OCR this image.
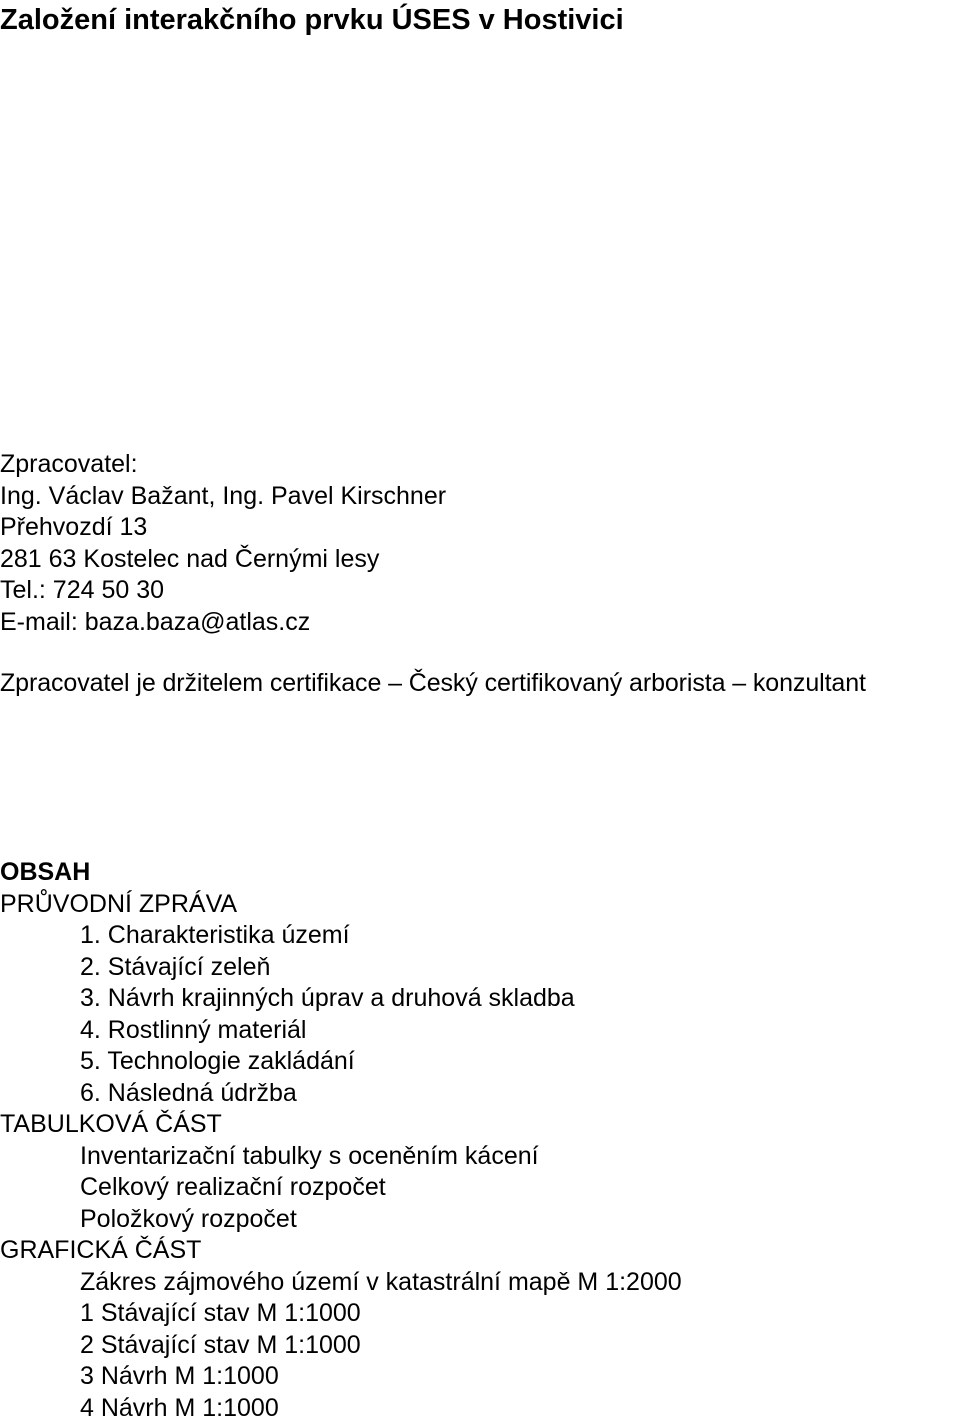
Založení interakčního prvku ÚSES v Hostivici
Zpracovatel:
Ing. Václav Bažant, Ing. Pavel Kirschner
Přehvozdí 13
281 63 Kostelec nad Černými lesy
Tel.: 724 50 30
E-mail: baza.baza@atlas.cz
Zpracovatel je držitelem certifikace – Český certifikovaný arborista – konzultant
OBSAH
PRŮVODNÍ ZPRÁVA
1. Charakteristika území
2. Stávající zeleň
3. Návrh krajinných úprav a druhová skladba
4. Rostlinný materiál
5. Technologie zakládání
6. Následná údržba
TABULKOVÁ ČÁST
Inventarizační tabulky s oceněním kácení
Celkový realizační rozpočet
Položkový rozpočet
GRAFICKÁ ČÁST
Zákres zájmového území v katastrální mapě M 1:2000
1 Stávající stav M 1:1000
2 Stávající stav M 1:1000
3 Návrh M 1:1000
4 Návrh M 1:1000
